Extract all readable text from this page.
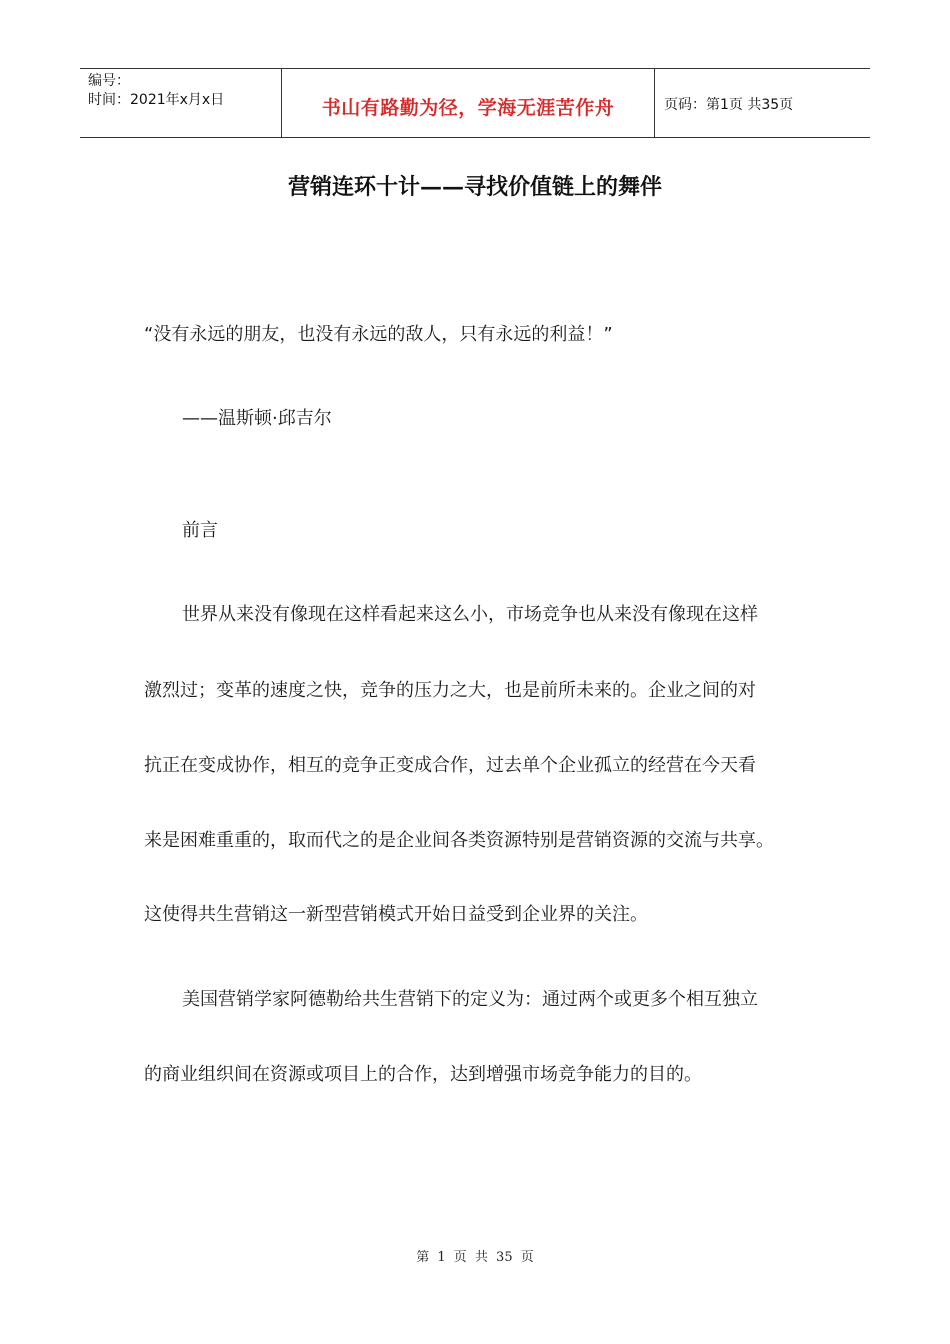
编号：
时间：2021年x月x日	书山有路勤为径，学海无涯苦作舟	页码：第1页 共35页
营销连环十计——寻找价值链上的舞伴
“没有永远的朋友，也没有永远的敌人，只有永远的利益！”
——温斯顿·邱吉尔
前言
世界从来没有像现在这样看起来这么小，市场竞争也从来没有像现在这样
激烈过；变革的速度之快，竞争的压力之大，也是前所未来的。企业之间的对
抗正在变成协作，相互的竞争正变成合作，过去单个企业孤立的经营在今天看
来是困难重重的，取而代之的是企业间各类资源特别是营销资源的交流与共享。
这使得共生营销这一新型营销模式开始日益受到企业界的关注。
美国营销学家阿德勒给共生营销下的定义为：通过两个或更多个相互独立
的商业组织间在资源或项目上的合作，达到增强市场竞争能力的目的。
第 1 页 共 35 页
